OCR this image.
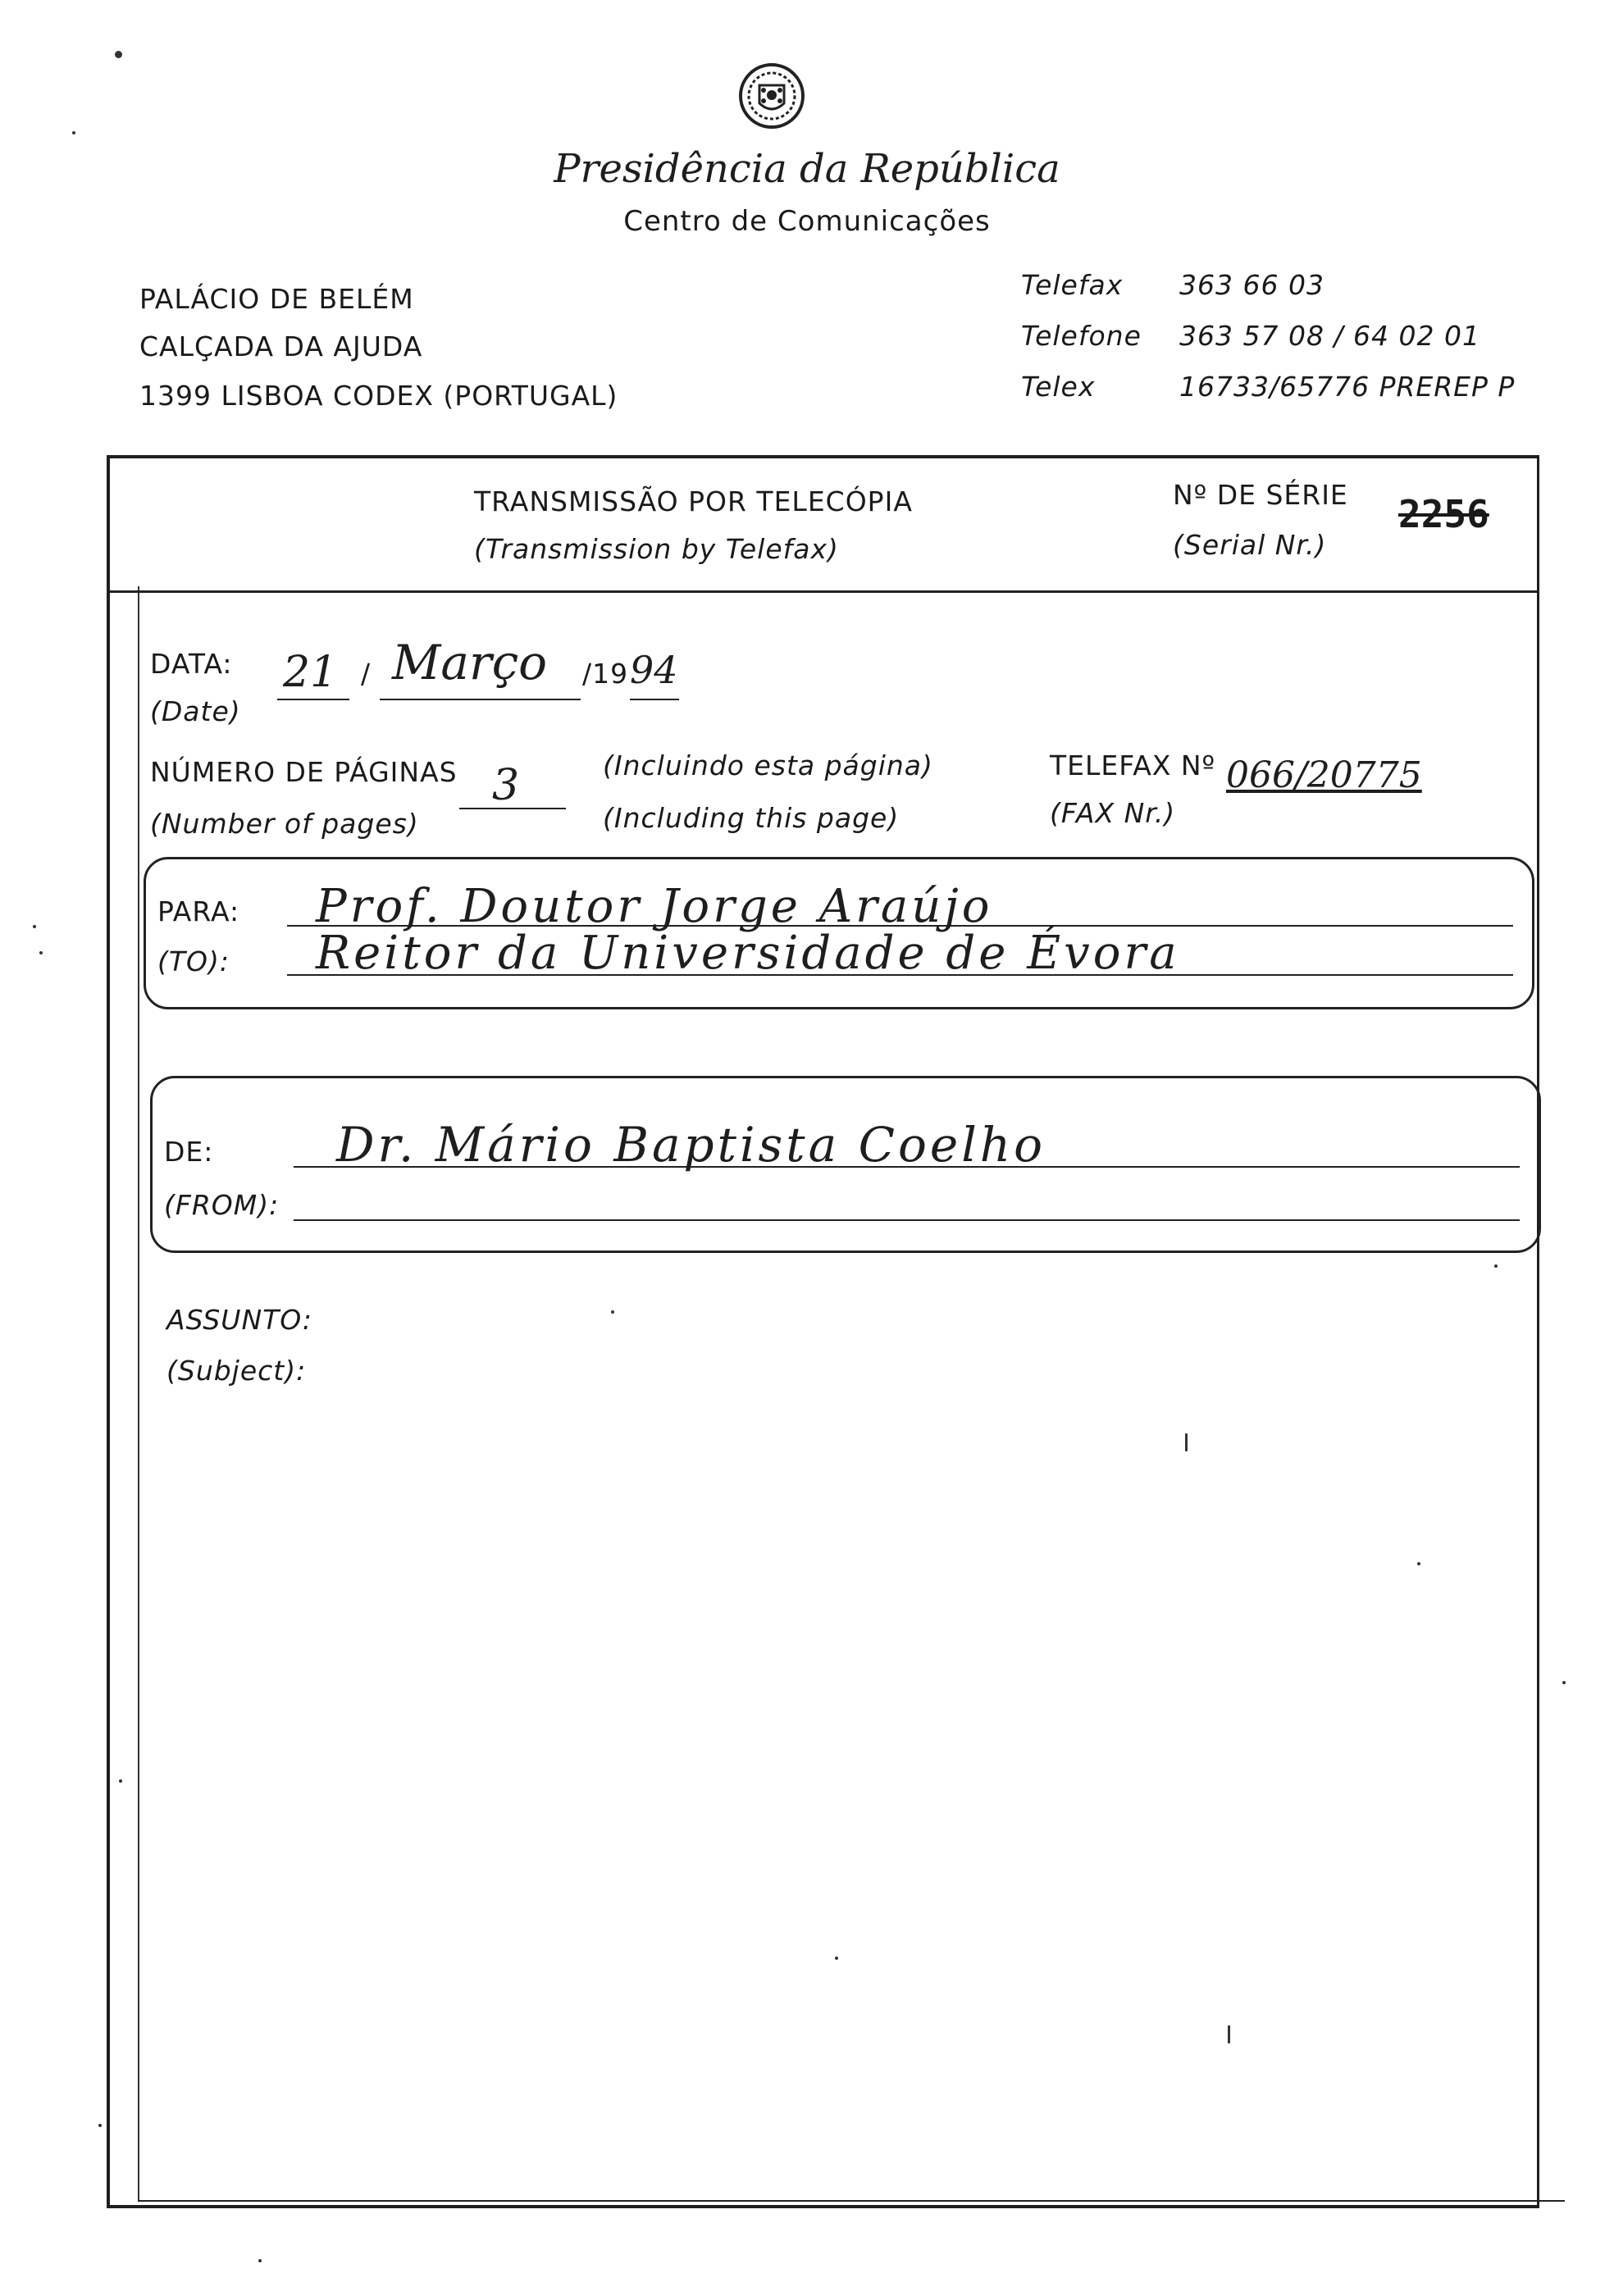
Presidência da República
Centro de Comunicações
PALÁCIO DE BELÉM
CALÇADA DA AJUDA
1399 LISBOA CODEX (PORTUGAL)
Telefax 363 66 03
Telefone 363 57 08 / 64 02 01
Telex	16733/65776 PREREP P
TRANSMISSÃO POR TELECÓPIA
(Transmission by Telefax)
Nº DE SÉRIE
(Serial Nr.)
2256
DATA:
(Date)
21 / Março /19 94
NÚMERO DE PÁGINAS
(Number of pages)
3	(Incluindo esta página)
(Including this page)
TELEFAX Nº
(FAX Nr.)
066/20775
PARA:
(TO):
Prof. Doutor Jorge Araújo
Reitor da Universidade de Évora
DE:
(FROM):
Dr. Mário Baptista Coelho
ASSUNTO:
(Subject):
